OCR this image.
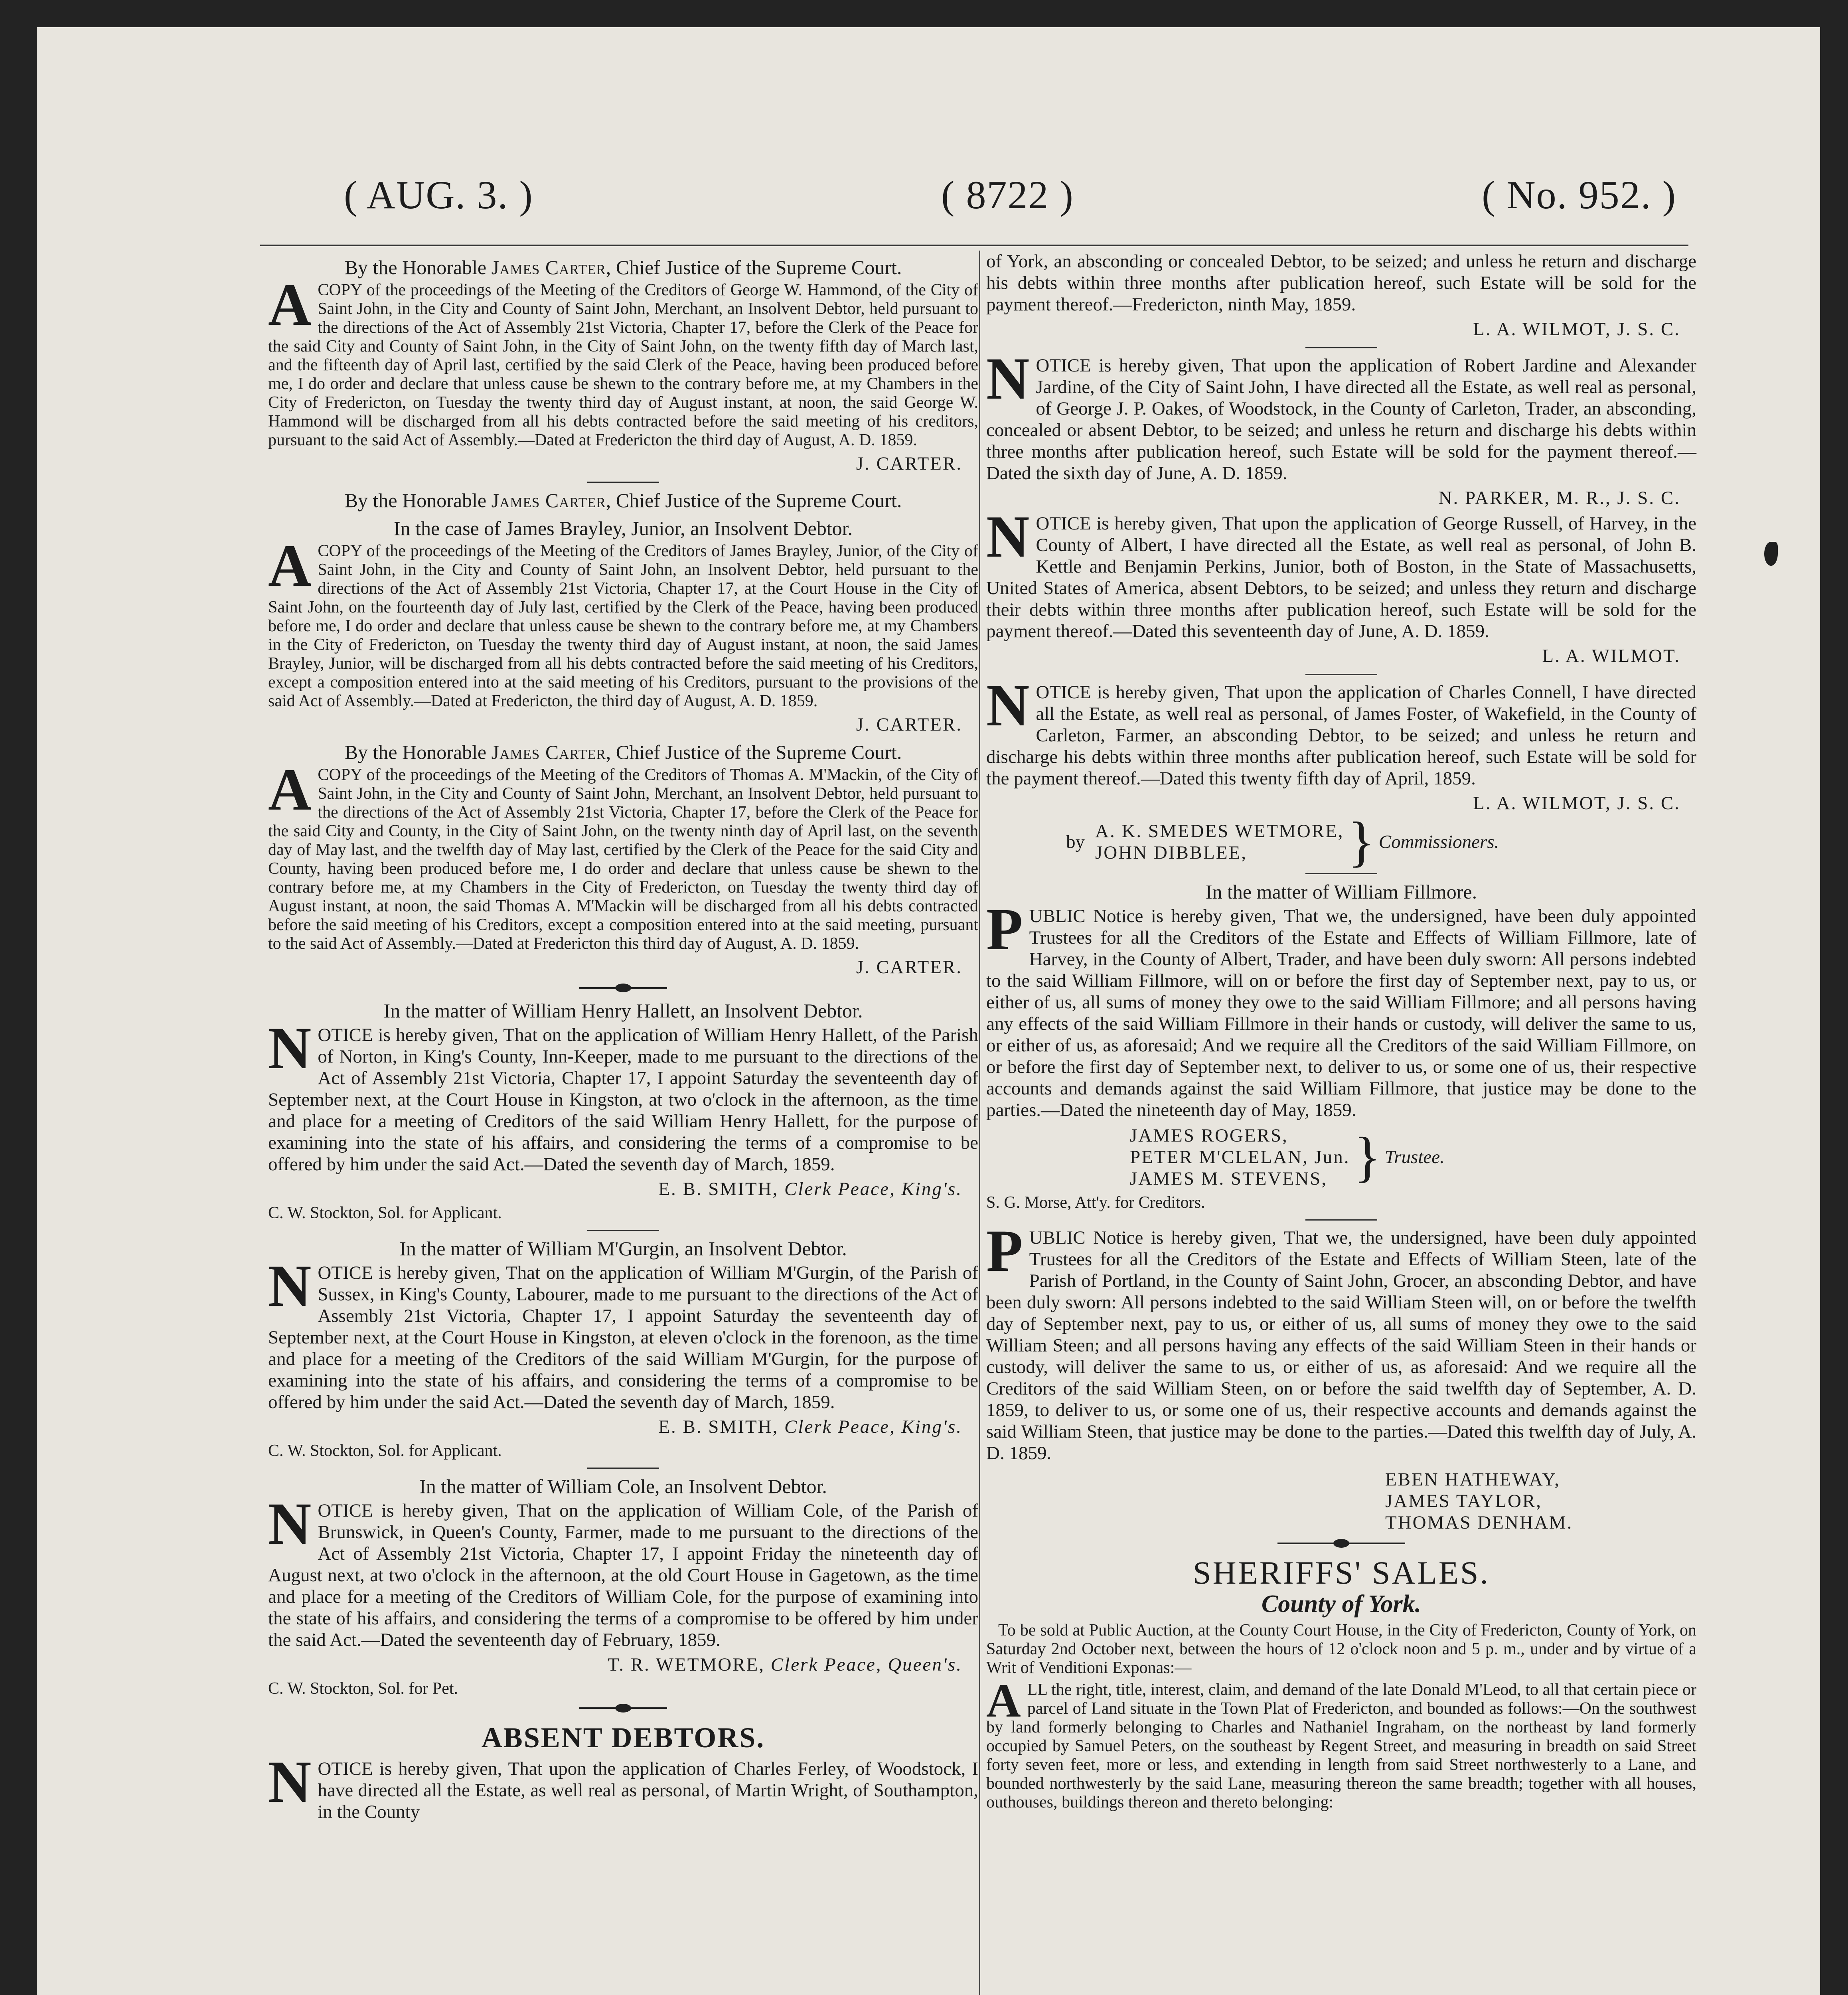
( AUG. 3. )	( 8722 )	( No. 952. )
By the Honorable James Carter, Chief Justice of the Supreme Court.

ACOPY of the proceedings of the Meeting of the Creditors of George W. Hammond, of the City of Saint John, in the City and County of Saint John, Merchant, an Insolvent Debtor, held pursuant to the directions of the Act of Assembly 21st Victoria, Chapter 17, before the Clerk of the Peace for the said City and County of Saint John, in the City of Saint John, on the twenty fifth day of March last, and the fifteenth day of April last, certified by the said Clerk of the Peace, having been produced before me, I do order and declare that unless cause be shewn to the contrary before me, at my Chambers in the City of Fredericton, on Tuesday the twenty third day of August instant, at noon, the said George W. Hammond will be discharged from all his debts contracted before the said meeting of his creditors, pursuant to the said Act of Assembly.—Dated at Fredericton the third day of August, A. D. 1859.

J. CARTER.
By the Honorable James Carter, Chief Justice of the Supreme Court.
In the case of James Brayley, Junior, an Insolvent Debtor.

ACOPY of the proceedings of the Meeting of the Creditors of James Brayley, Junior, of the City of Saint John, in the City and County of Saint John, an Insolvent Debtor, held pursuant to the directions of the Act of Assembly 21st Victoria, Chapter 17, at the Court House in the City of Saint John, on the fourteenth day of July last, certified by the Clerk of the Peace, having been produced before me, I do order and declare that unless cause be shewn to the contrary before me, at my Chambers in the City of Fredericton, on Tuesday the twenty third day of August instant, at noon, the said James Brayley, Junior, will be discharged from all his debts contracted before the said meeting of his Creditors, except a composition entered into at the said meeting of his Creditors, pursuant to the provisions of the said Act of Assembly.—Dated at Fredericton, the third day of August, A. D. 1859.

J. CARTER.
By the Honorable James Carter, Chief Justice of the Supreme Court.

ACOPY of the proceedings of the Meeting of the Creditors of Thomas A. M'Mackin, of the City of Saint John, in the City and County of Saint John, Merchant, an Insolvent Debtor, held pursuant to the directions of the Act of Assembly 21st Victoria, Chapter 17, before the Clerk of the Peace for the said City and County, in the City of Saint John, on the twenty ninth day of April last, on the seventh day of May last, and the twelfth day of May last, certified by the Clerk of the Peace for the said City and County, having been produced before me, I do order and declare that unless cause be shewn to the contrary before me, at my Chambers in the City of Fredericton, on Tuesday the twenty third day of August instant, at noon, the said Thomas A. M'Mackin will be discharged from all his debts contracted before the said meeting of his Creditors, except a composition entered into at the said meeting, pursuant to the said Act of Assembly.—Dated at Fredericton this third day of August, A. D. 1859.

J. CARTER.
In the matter of William Henry Hallett, an Insolvent Debtor.

NOTICE is hereby given, That on the application of William Henry Hallett, of the Parish of Norton, in King's County, Inn-Keeper, made to me pursuant to the directions of the Act of Assembly 21st Victoria, Chapter 17, I appoint Saturday the seventeenth day of September next, at the Court House in Kingston, at two o'clock in the afternoon, as the time and place for a meeting of Creditors of the said William Henry Hallett, for the purpose of examining into the state of his affairs, and considering the terms of a compromise to be offered by him under the said Act.—Dated the seventh day of March, 1859.

E. B. SMITH, Clerk Peace, King's.
C. W. Stockton, Sol. for Applicant.
In the matter of William M'Gurgin, an Insolvent Debtor.

NOTICE is hereby given, That on the application of William M'Gurgin, of the Parish of Sussex, in King's County, Labourer, made to me pursuant to the directions of the Act of Assembly 21st Victoria, Chapter 17, I appoint Saturday the seventeenth day of September next, at the Court House in Kingston, at eleven o'clock in the forenoon, as the time and place for a meeting of the Creditors of the said William M'Gurgin, for the purpose of examining into the state of his affairs, and considering the terms of a compromise to be offered by him under the said Act.—Dated the seventh day of March, 1859.

E. B. SMITH, Clerk Peace, King's.
C. W. Stockton, Sol. for Applicant.
In the matter of William Cole, an Insolvent Debtor.

NOTICE is hereby given, That on the application of William Cole, of the Parish of Brunswick, in Queen's County, Farmer, made to me pursuant to the directions of the Act of Assembly 21st Victoria, Chapter 17, I appoint Friday the nineteenth day of August next, at two o'clock in the afternoon, at the old Court House in Gagetown, as the time and place for a meeting of the Creditors of William Cole, for the purpose of examining into the state of his affairs, and considering the terms of a compromise to be offered by him under the said Act.—Dated the seventeenth day of February, 1859.

T. R. WETMORE, Clerk Peace, Queen's.
C. W. Stockton, Sol. for Pet.
ABSENT DEBTORS.

NOTICE is hereby given, That upon the application of Charles Ferley, of Woodstock, I have directed all the Estate, as well real as personal, of Martin Wright, of Southampton, in the County

of York, an absconding or concealed Debtor, to be seized; and unless he return and discharge his debts within three months after publication hereof, such Estate will be sold for the payment thereof.—Fredericton, ninth May, 1859.

L. A. WILMOT, J. S. C.

NOTICE is hereby given, That upon the application of Robert Jardine and Alexander Jardine, of the City of Saint John, I have directed all the Estate, as well real as personal, of George J. P. Oakes, of Woodstock, in the County of Carleton, Trader, an absconding, concealed or absent Debtor, to be seized; and unless he return and discharge his debts within three months after publication hereof, such Estate will be sold for the payment thereof.—Dated the sixth day of June, A. D. 1859.

N. PARKER, M. R., J. S. C.

NOTICE is hereby given, That upon the application of George Russell, of Harvey, in the County of Albert, I have directed all the Estate, as well real as personal, of John B. Kettle and Benjamin Perkins, Junior, both of Boston, in the State of Massachusetts, United States of America, absent Debtors, to be seized; and unless they return and discharge their debts within three months after publication hereof, such Estate will be sold for the payment thereof.—Dated this seventeenth day of June, A. D. 1859.

L. A. WILMOT.

NOTICE is hereby given, That upon the application of Charles Connell, I have directed all the Estate, as well real as personal, of James Foster, of Wakefield, in the County of Carleton, Farmer, an absconding Debtor, to be seized; and unless he return and discharge his debts within three months after publication hereof, such Estate will be sold for the payment thereof.—Dated this twenty fifth day of April, 1859.

L. A. WILMOT, J. S. C.
by
A. K. SMEDES WETMORE,
JOHN DIBBLEE,	} Commissioners.
In the matter of William Fillmore.

PUBLIC Notice is hereby given, That we, the undersigned, have been duly appointed Trustees for all the Creditors of the Estate and Effects of William Fillmore, late of Harvey, in the County of Albert, Trader, and have been duly sworn: All persons indebted to the said William Fillmore, will on or before the first day of September next, pay to us, or either of us, all sums of money they owe to the said William Fillmore; and all persons having any effects of the said William Fillmore in their hands or custody, will deliver the same to us, or either of us, as aforesaid; And we require all the Creditors of the said William Fillmore, on or before the first day of September next, to deliver to us, or some one of us, their respective accounts and demands against the said William Fillmore, that justice may be done to the parties.—Dated the nineteenth day of May, 1859.

JAMES ROGERS,
PETER M'CLELAN, Jun.
JAMES M. STEVENS, } Trustee.
S. G. Morse, Att'y. for Creditors.

PUBLIC Notice is hereby given, That we, the undersigned, have been duly appointed Trustees for all the Creditors of the Estate and Effects of William Steen, late of the Parish of Portland, in the County of Saint John, Grocer, an absconding Debtor, and have been duly sworn: All persons indebted to the said William Steen will, on or before the twelfth day of September next, pay to us, or either of us, all sums of money they owe to the said William Steen; and all persons having any effects of the said William Steen in their hands or custody, will deliver the same to us, or either of us, as aforesaid: And we require all the Creditors of the said William Steen, on or before the said twelfth day of September, A. D. 1859, to deliver to us, or some one of us, their respective accounts and demands against the said William Steen, that justice may be done to the parties.—Dated this twelfth day of July, A. D. 1859.

EBEN HATHEWAY,
JAMES TAYLOR,
THOMAS DENHAM.
SHERIFFS' SALES.
County of York.

To be sold at Public Auction, at the County Court House, in the City of Fredericton, County of York, on Saturday 2nd October next, between the hours of 12 o'clock noon and 5 p. m., under and by virtue of a Writ of Venditioni Exponas:—

ALL the right, title, interest, claim, and demand of the late Donald M'Leod, to all that certain piece or parcel of Land situate in the Town Plat of Fredericton, and bounded as follows:—On the southwest by land formerly belonging to Charles and Nathaniel Ingraham, on the northeast by land formerly occupied by Samuel Peters, on the southeast by Regent Street, and measuring in breadth on said Street forty seven feet, more or less, and extending in length from said Street northwesterly to a Lane, and bounded northwesterly by the said Lane, measuring thereon the same breadth; together with all houses, outhouses, buildings thereon and thereto belonging:
